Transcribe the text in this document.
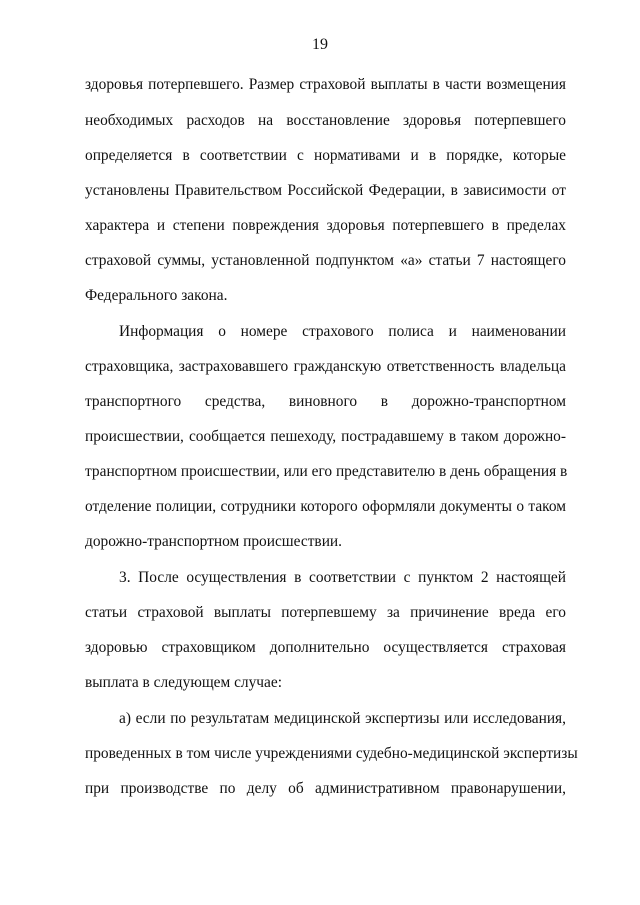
19
здоровья потерпевшего. Размер страховой выплаты в части возмещения
необходимых расходов на восстановление здоровья потерпевшего
определяется в соответствии с нормативами и в порядке, которые
установлены Правительством Российской Федерации, в зависимости от
характера и степени повреждения здоровья потерпевшего в пределах
страховой суммы, установленной подпунктом «а» статьи 7 настоящего
Федерального закона.
Информация о номере страхового полиса и наименовании
страховщика, застраховавшего гражданскую ответственность владельца
транспортного средства, виновного в дорожно-транспортном
происшествии, сообщается пешеходу, пострадавшему в таком дорожно-
транспортном происшествии, или его представителю в день обращения в
отделение полиции, сотрудники которого оформляли документы о таком
дорожно-транспортном происшествии.
3. После осуществления в соответствии с пунктом 2 настоящей
статьи страховой выплаты потерпевшему за причинение вреда его
здоровью страховщиком дополнительно осуществляется страховая
выплата в следующем случае:
а) если по результатам медицинской экспертизы или исследования,
проведенных в том числе учреждениями судебно-медицинской экспертизы
при производстве по делу об административном правонарушении,
